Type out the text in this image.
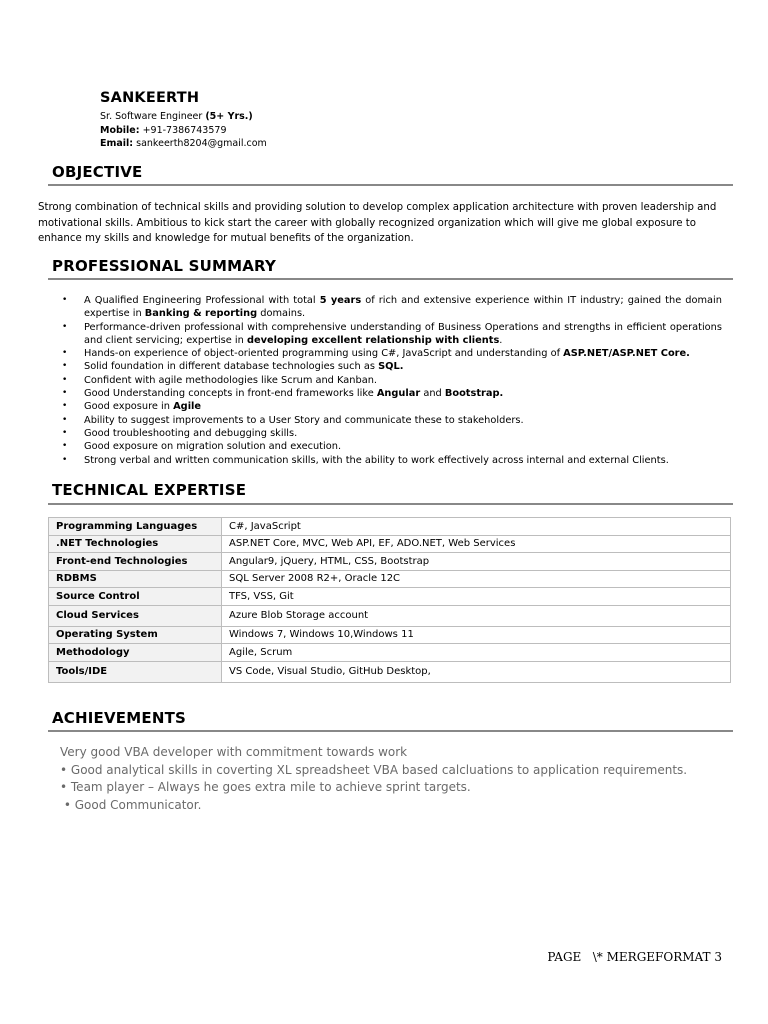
SANKEERTH
Sr. Software Engineer (5+ Yrs.)
Mobile: +91-7386743579
Email: sankeerth8204@gmail.com
OBJECTIVE

Strong combination of technical skills and providing solution to develop complex application architecture with proven leadership and motivational skills. Ambitious to kick start the career with globally recognized organization which will give me global exposure to enhance my skills and knowledge for mutual benefits of the organization.

PROFESSIONAL SUMMARY
• A Qualified Engineering Professional with total 5 years of rich and extensive experience within IT industry; gained the domain expertise in Banking & reporting domains.
• Performance-driven professional with comprehensive understanding of Business Operations and strengths in efficient operations and client servicing; expertise in developing excellent relationship with clients.
• Hands-on experience of object-oriented programming using C#, JavaScript and understanding of ASP.NET/ASP.NET Core.
• Solid foundation in different database technologies such as SQL.
• Confident with agile methodologies like Scrum and Kanban.
• Good Understanding concepts in front-end frameworks like Angular and Bootstrap.
• Good exposure in Agile
• Ability to suggest improvements to a User Story and communicate these to stakeholders.
• Good troubleshooting and debugging skills.
• Good exposure on migration solution and execution.
• Strong verbal and written communication skills, with the ability to work effectively across internal and external Clients.
TECHNICAL EXPERTISE
Programming Languages	C#, JavaScript
.NET Technologies	ASP.NET Core, MVC, Web API, EF, ADO.NET, Web Services
Front-end Technologies	Angular9, jQuery, HTML, CSS, Bootstrap
RDBMS	SQL Server 2008 R2+, Oracle 12C
Source Control	TFS, VSS, Git
Cloud Services	Azure Blob Storage account
Operating System	Windows 7, Windows 10,Windows 11
Methodology	Agile, Scrum
Tools/IDE	VS Code, Visual Studio, GitHub Desktop,
ACHIEVEMENTS
Very good VBA developer with commitment towards work
• Good analytical skills in coverting XL spreadsheet VBA based calcluations to application requirements.
• Team player – Always he goes extra mile to achieve sprint targets.
• Good Communicator.
PAGE   \* MERGEFORMAT 3
